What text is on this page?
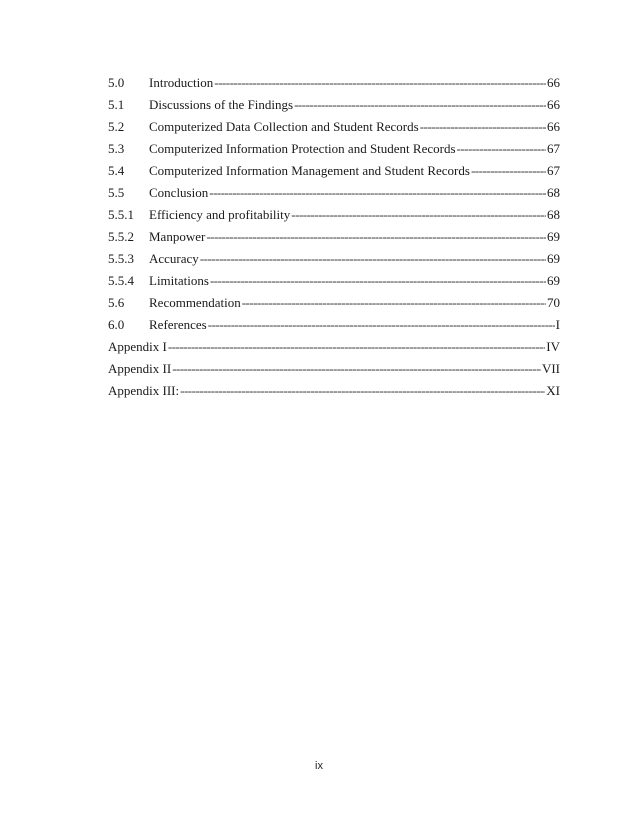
5.0	Introduction -----	66
5.1	Discussions of the Findings -----	66
5.2	Computerized Data Collection and Student Records -----	66
5.3	Computerized Information Protection and Student Records -----	67
5.4	Computerized Information Management and Student Records -----	67
5.5	Conclusion -----	68
5.5.1	Efficiency and profitability -----	68
5.5.2	Manpower -----	69
5.5.3	Accuracy -----	69
5.5.4	Limitations -----	69
5.6	Recommendation -----	70
6.0	References -----	I
Appendix I -----	IV
Appendix II -----	VII
Appendix III: -----	XI
ix
